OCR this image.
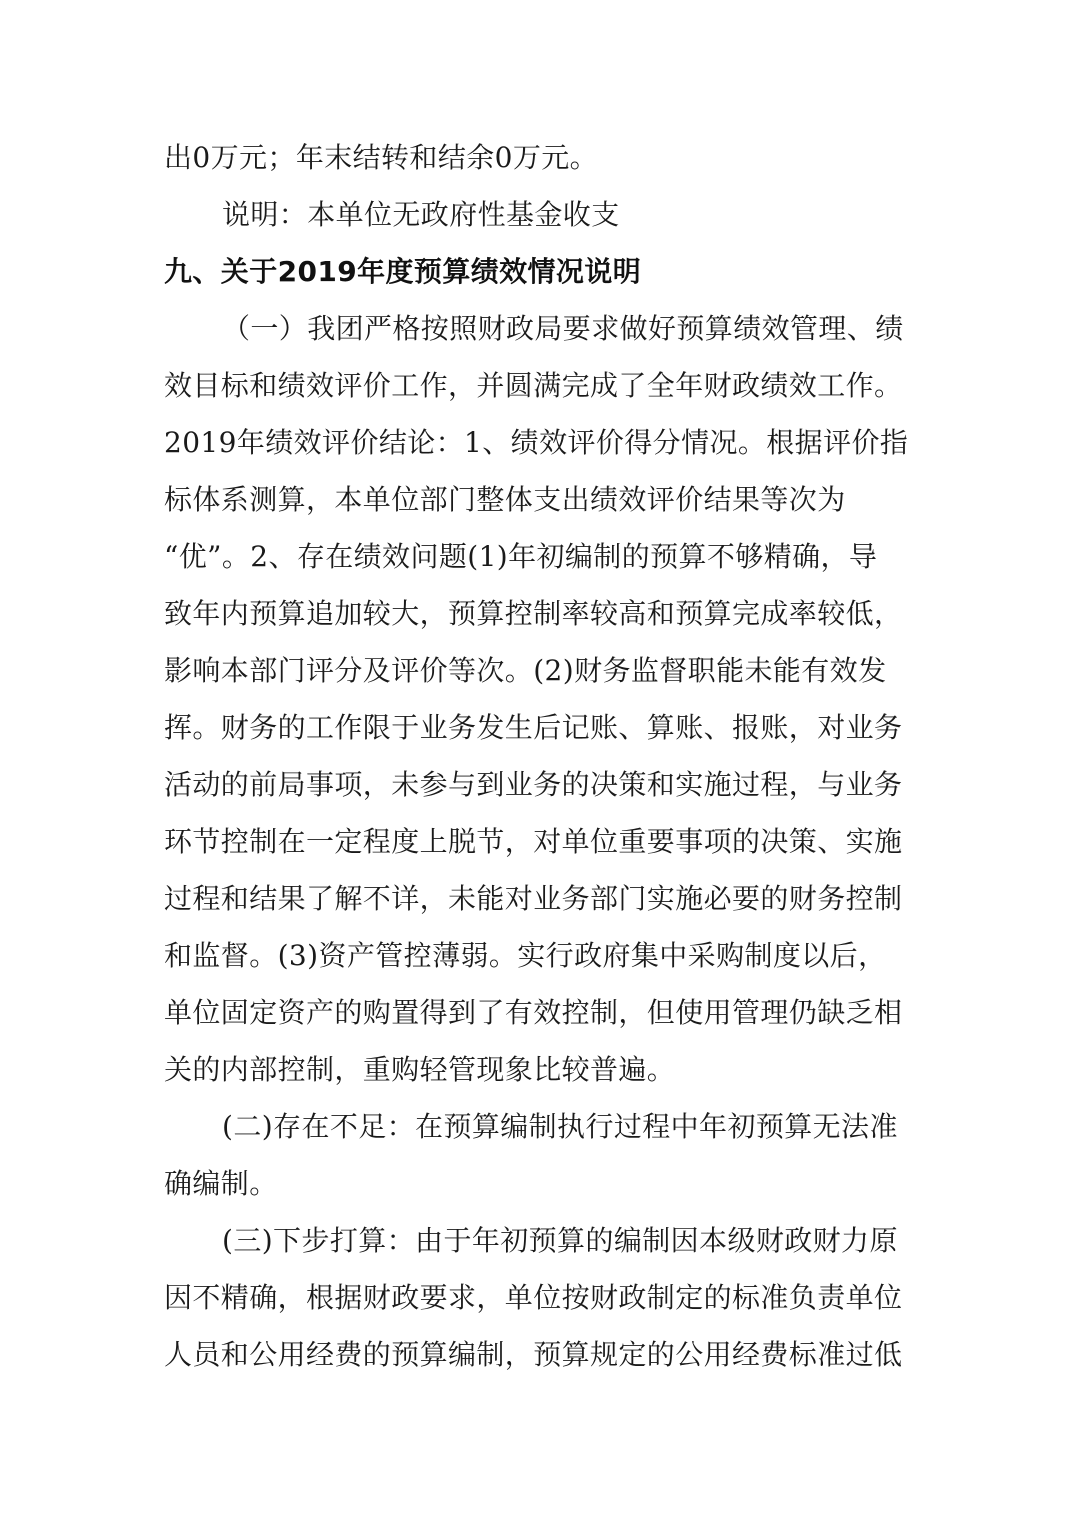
出0万元；年末结转和结余0万元。

说明：本单位无政府性基金收支

九、关于2019年度预算绩效情况说明

（一）我团严格按照财政局要求做好预算绩效管理、绩

效目标和绩效评价工作，并圆满完成了全年财政绩效工作。

2019年绩效评价结论：1、绩效评价得分情况。根据评价指

标体系测算，本单位部门整体支出绩效评价结果等次为

“优”。2、存在绩效问题(1)年初编制的预算不够精确，导

致年内预算追加较大，预算控制率较高和预算完成率较低，

影响本部门评分及评价等次。(2)财务监督职能未能有效发

挥。财务的工作限于业务发生后记账、算账、报账，对业务

活动的前局事项，未参与到业务的决策和实施过程，与业务

环节控制在一定程度上脱节，对单位重要事项的决策、实施

过程和结果了解不详，未能对业务部门实施必要的财务控制

和监督。(3)资产管控薄弱。实行政府集中采购制度以后，

单位固定资产的购置得到了有效控制，但使用管理仍缺乏相

关的内部控制，重购轻管现象比较普遍。

(二)存在不足：在预算编制执行过程中年初预算无法准

确编制。

(三)下步打算：由于年初预算的编制因本级财政财力原

因不精确，根据财政要求，单位按财政制定的标准负责单位

人员和公用经费的预算编制，预算规定的公用经费标准过低
